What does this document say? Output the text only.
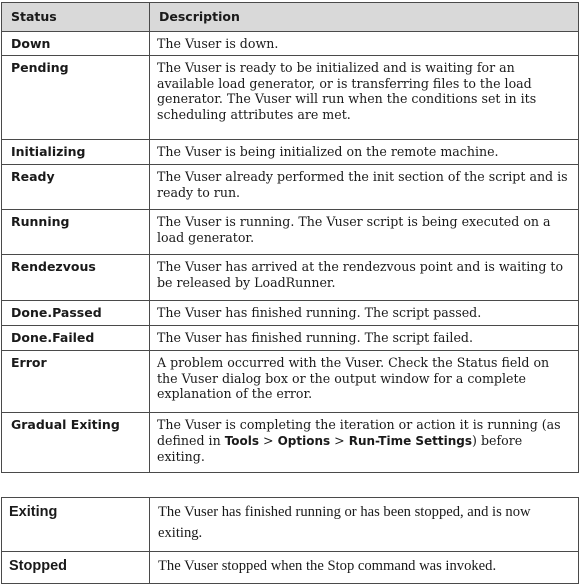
Status	Description
Down	The Vuser is down.
Pending	The Vuser is ready to be initialized and is waiting for an available load generator, or is transferring files to the load generator. The Vuser will run when the conditions set in its scheduling attributes are met.
Initializing	The Vuser is being initialized on the remote machine.
Ready	The Vuser already performed the init section of the script and is ready to run.
Running	The Vuser is running. The Vuser script is being executed on a load generator.
Rendezvous	The Vuser has arrived at the rendezvous point and is waiting to be released by LoadRunner.
Done.Passed	The Vuser has finished running. The script passed.
Done.Failed	The Vuser has finished running. The script failed.
Error	A problem occurred with the Vuser. Check the Status field on the Vuser dialog box or the output window for a complete explanation of the error.
Gradual Exiting	The Vuser is completing the iteration or action it is running (as defined in Tools > Options > Run-Time Settings) before exiting.
Exiting	The Vuser has finished running or has been stopped, and is now exiting.
Stopped	The Vuser stopped when the Stop command was invoked.
